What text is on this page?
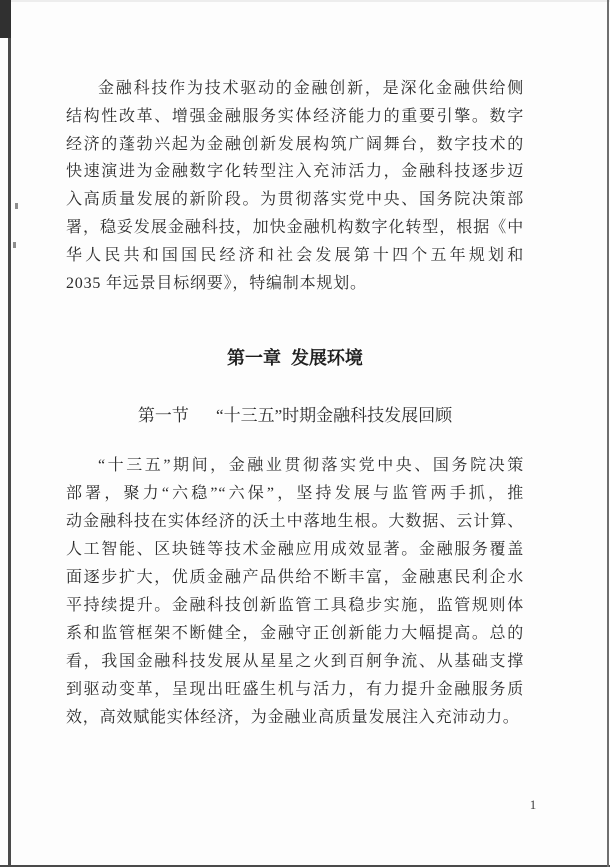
金融科技作为技术驱动的金融创新，是深化金融供给侧
结构性改革、增强金融服务实体经济能力的重要引擎。数字
经济的蓬勃兴起为金融创新发展构筑广阔舞台，数字技术的
快速演进为金融数字化转型注入充沛活力，金融科技逐步迈
入高质量发展的新阶段。为贯彻落实党中央、国务院决策部
署，稳妥发展金融科技，加快金融机构数字化转型，根据《中
华人民共和国国民经济和社会发展第十四个五年规划和
2035 年远景目标纲要》，特编制本规划。
第一章 发展环境
第一节 “十三五”时期金融科技发展回顾
“十三五”期间，金融业贯彻落实党中央、国务院决策
部署，聚力“六稳”“六保”，坚持发展与监管两手抓，推
动金融科技在实体经济的沃土中落地生根。大数据、云计算、
人工智能、区块链等技术金融应用成效显著。金融服务覆盖
面逐步扩大，优质金融产品供给不断丰富，金融惠民利企水
平持续提升。金融科技创新监管工具稳步实施，监管规则体
系和监管框架不断健全，金融守正创新能力大幅提高。总的
看，我国金融科技发展从星星之火到百舸争流、从基础支撑
到驱动变革，呈现出旺盛生机与活力，有力提升金融服务质
效，高效赋能实体经济，为金融业高质量发展注入充沛动力。
1
